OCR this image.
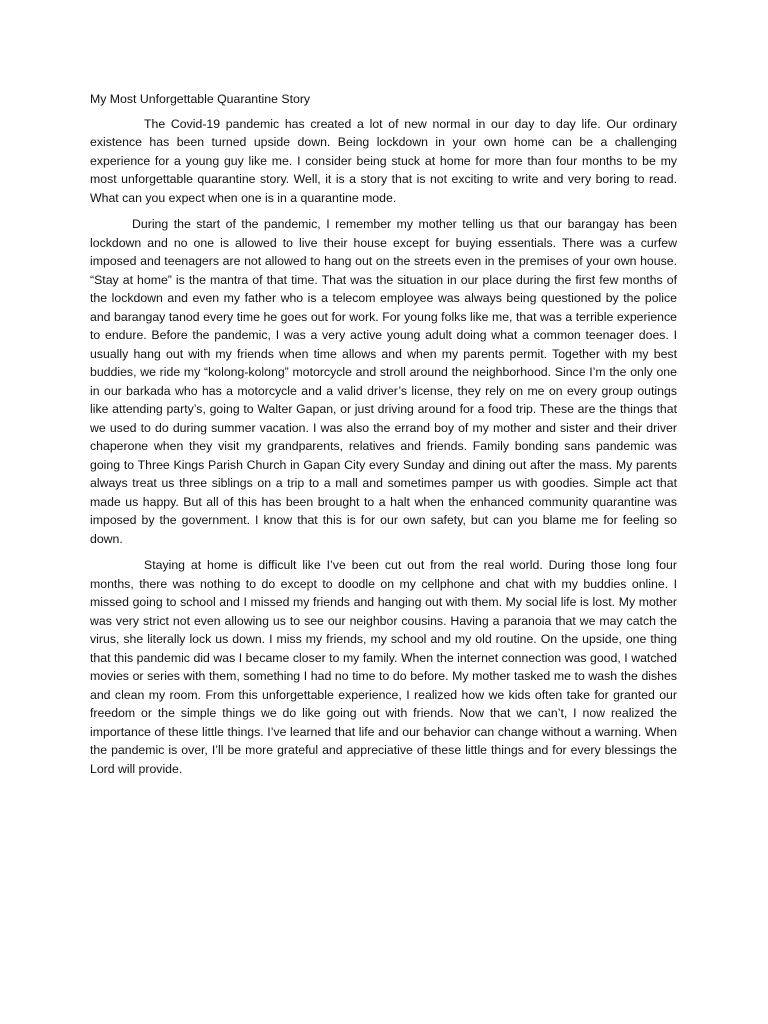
My Most Unforgettable Quarantine Story

The Covid-19 pandemic has created a lot of new normal in our day to day life. Our ordinary existence has been turned upside down. Being lockdown in your own home can be a challenging experience for a young guy like me. I consider being stuck at home for more than four months to be my most unforgettable quarantine story. Well, it is a story that is not exciting to write and very boring to read. What can you expect when one is in a quarantine mode.

During the start of the pandemic, I remember my mother telling us that our barangay has been lockdown and no one is allowed to live their house except for buying essentials. There was a curfew imposed and teenagers are not allowed to hang out on the streets even in the premises of your own house. “Stay at home” is the mantra of that time. That was the situation in our place during the first few months of the lockdown and even my father who is a telecom employee was always being questioned by the police and barangay tanod every time he goes out for work. For young folks like me, that was a terrible experience to endure. Before the pandemic, I was a very active young adult doing what a common teenager does. I usually hang out with my friends when time allows and when my parents permit. Together with my best buddies, we ride my “kolong-kolong” motorcycle and stroll around the neighborhood. Since I’m the only one in our barkada who has a motorcycle and a valid driver’s license, they rely on me on every group outings like attending party’s, going to Walter Gapan, or just driving around for a food trip. These are the things that we used to do during summer vacation. I was also the errand boy of my mother and sister and their driver chaperone when they visit my grandparents, relatives and friends. Family bonding sans pandemic was going to Three Kings Parish Church in Gapan City every Sunday and dining out after the mass. My parents always treat us three siblings on a trip to a mall and sometimes pamper us with goodies. Simple act that made us happy. But all of this has been brought to a halt when the enhanced community quarantine was imposed by the government. I know that this is for our own safety, but can you blame me for feeling so down.

Staying at home is difficult like I’ve been cut out from the real world. During those long four months, there was nothing to do except to doodle on my cellphone and chat with my buddies online. I missed going to school and I missed my friends and hanging out with them. My social life is lost. My mother was very strict not even allowing us to see our neighbor cousins. Having a paranoia that we may catch the virus, she literally lock us down. I miss my friends, my school and my old routine. On the upside, one thing that this pandemic did was I became closer to my family. When the internet connection was good, I watched movies or series with them, something I had no time to do before. My mother tasked me to wash the dishes and clean my room. From this unforgettable experience, I realized how we kids often take for granted our freedom or the simple things we do like going out with friends. Now that we can’t, I now realized the importance of these little things. I’ve learned that life and our behavior can change without a warning. When the pandemic is over, I’ll be more grateful and appreciative of these little things and for every blessings the Lord will provide.
